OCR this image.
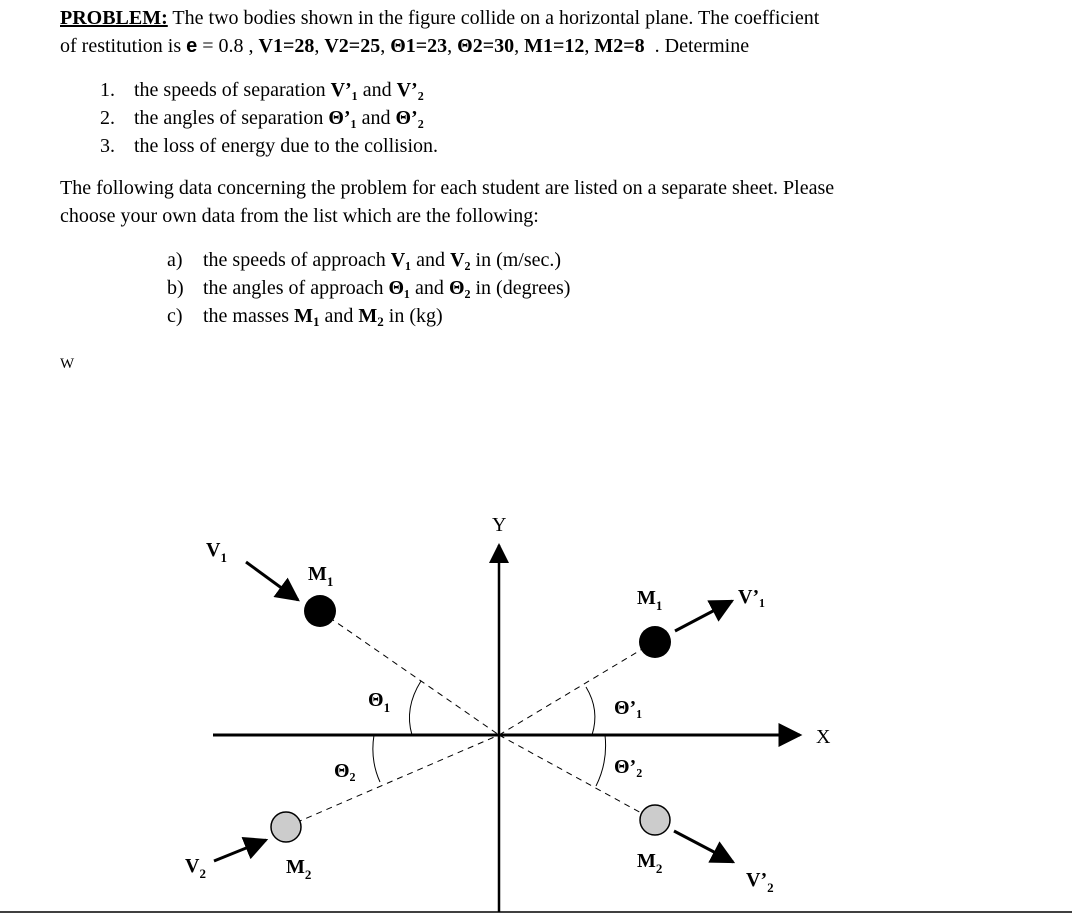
PROBLEM: The two bodies shown in the figure collide on a horizontal plane. The coefficient
of restitution is e = 0.8 , V1=28, V2=25, Θ1=23, Θ2=30, M1=12, M2=8 . Determine
1. the speeds of separation V’₁ and V’₂
2. the angles of separation Θ’₁ and Θ’₂
3. the loss of energy due to the collision.
The following data concerning the problem for each student are listed on a separate sheet. Please
choose your own data from the list which are the following:
a)	the speeds of approach V₁ and V₂ in (m/sec.)
b) the angles of approach Θ₁ and Θ₂ in (degrees)
c)	the masses $M_1$ and $M_2$ in (kg)
W
Y
X
$V_1$
$M_1$
$\Theta_1$
Θ₂
$V_2$	$M_2$
$M_1$	V’₁
Θ’₁
Θ’₂
$M_2$
$V’_2$
